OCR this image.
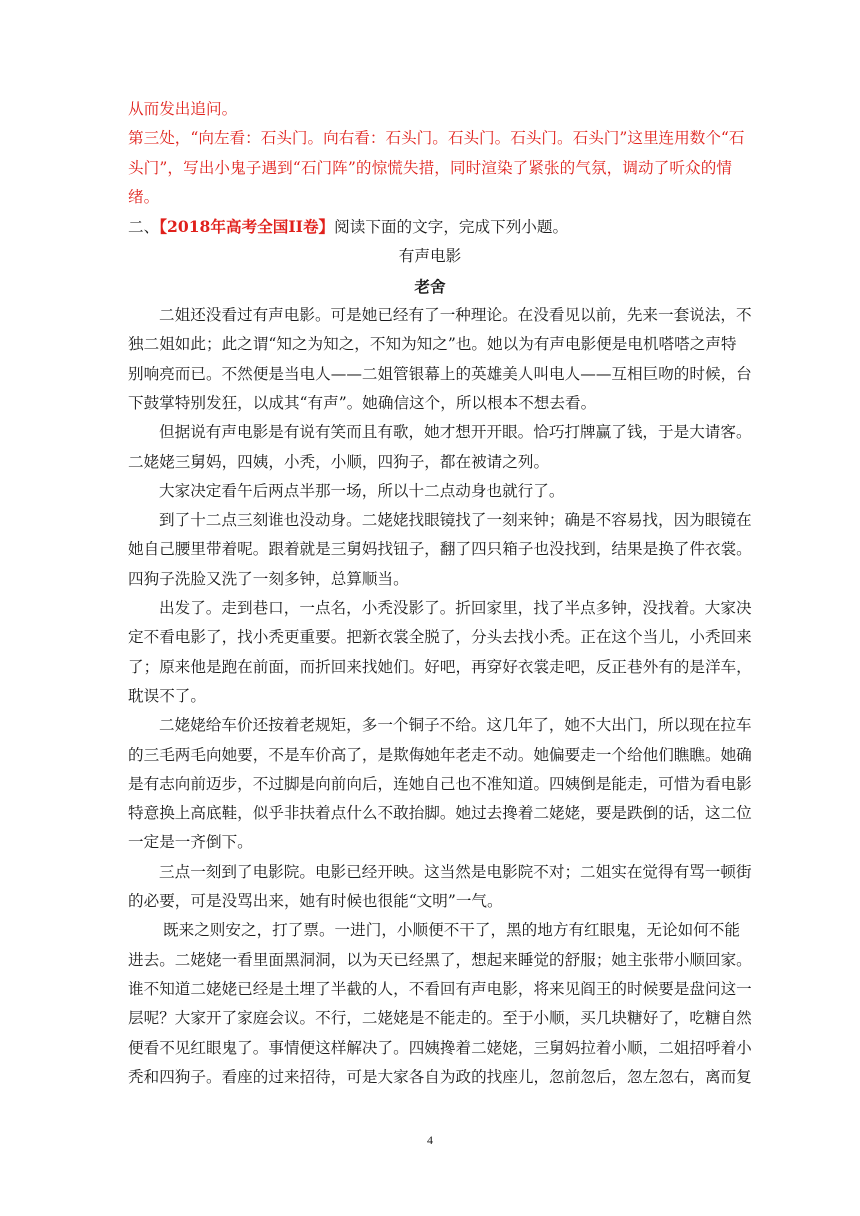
从而发出追问。
第三处，“向左看：石头门。向右看：石头门。石头门。石头门。石头门”这里连用数个“石
头门”，写出小鬼子遇到“石门阵”的惊慌失措，同时渲染了紧张的气氛，调动了听众的情
绪。
二、【2018年高考全国II卷】阅读下面的文字，完成下列小题。
有声电影
老舍
二姐还没看过有声电影。可是她已经有了一种理论。在没看见以前，先来一套说法，不
独二姐如此；此之谓“知之为知之，不知为知之”也。她以为有声电影便是电机嗒嗒之声特
别响亮而已。不然便是当电人——二姐管银幕上的英雄美人叫电人——互相巨吻的时候，台
下鼓掌特别发狂，以成其“有声”。她确信这个，所以根本不想去看。
但据说有声电影是有说有笑而且有歌，她才想开开眼。恰巧打牌赢了钱，于是大请客。
二姥姥三舅妈，四姨，小秃，小顺，四狗子，都在被请之列。
大家决定看午后两点半那一场，所以十二点动身也就行了。
到了十二点三刻谁也没动身。二姥姥找眼镜找了一刻来钟；确是不容易找，因为眼镜在
她自己腰里带着呢。跟着就是三舅妈找钮子，翻了四只箱子也没找到，结果是换了件衣裳。
四狗子洗脸又洗了一刻多钟，总算顺当。
出发了。走到巷口，一点名，小秃没影了。折回家里，找了半点多钟，没找着。大家决
定不看电影了，找小秃更重要。把新衣裳全脱了，分头去找小秃。正在这个当儿，小秃回来
了；原来他是跑在前面，而折回来找她们。好吧，再穿好衣裳走吧，反正巷外有的是洋车，
耽误不了。
二姥姥给车价还按着老规矩，多一个铜子不给。这几年了，她不大出门，所以现在拉车
的三毛两毛向她要，不是车价高了，是欺侮她年老走不动。她偏要走一个给他们瞧瞧。她确
是有志向前迈步，不过脚是向前向后，连她自己也不准知道。四姨倒是能走，可惜为看电影
特意换上高底鞋，似乎非扶着点什么不敢抬脚。她过去搀着二姥姥，要是跌倒的话，这二位
一定是一齐倒下。
三点一刻到了电影院。电影已经开映。这当然是电影院不对；二姐实在觉得有骂一顿街
的必要，可是没骂出来，她有时候也很能“文明”一气。
既来之则安之，打了票。一进门，小顺便不干了，黑的地方有红眼鬼，无论如何不能
进去。二姥姥一看里面黑洞洞，以为天已经黑了，想起来睡觉的舒服；她主张带小顺回家。
谁不知道二姥姥已经是土埋了半截的人，不看回有声电影，将来见阎王的时候要是盘问这一
层呢？大家开了家庭会议。不行，二姥姥是不能走的。至于小顺，买几块糖好了，吃糖自然
便看不见红眼鬼了。事情便这样解决了。四姨搀着二姥姥，三舅妈拉着小顺，二姐招呼着小
秃和四狗子。看座的过来招待，可是大家各自为政的找座儿，忽前忽后，忽左忽右，离而复
4
